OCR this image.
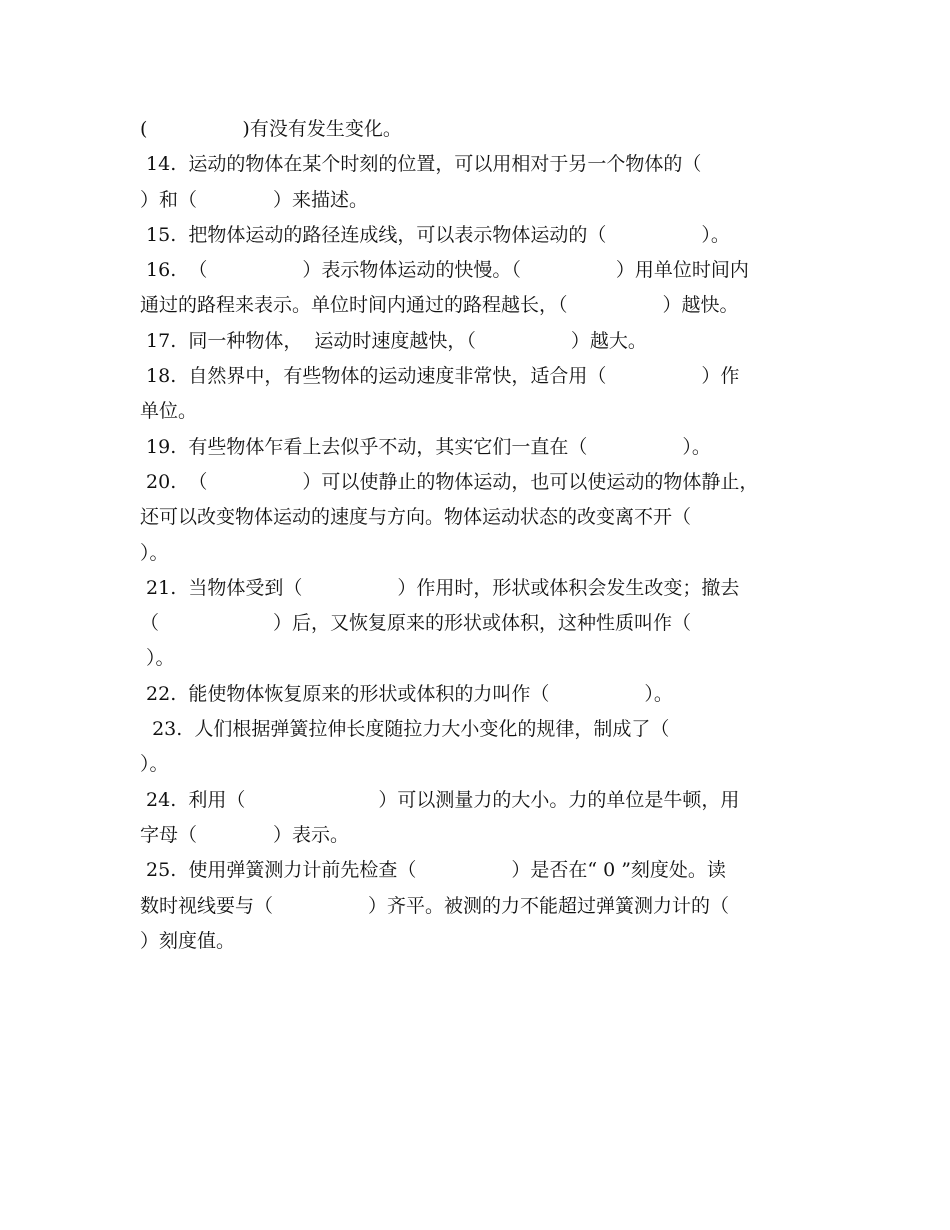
(　　　　　)有没有发生变化。
14.  运动的物体在某个时刻的位置，可以用相对于另一个物体的（
）和（　　　　）来描述。
15.  把物体运动的路径连成线，可以表示物体运动的（　　　　　）。
16.  （　　　　　）表示物体运动的快慢。（　　　　　）用单位时间内
通过的路程来表示。单位时间内通过的路程越长，（　　　　　）越快。
17.  同一种物体，  运动时速度越快，（　　　　　）越大。
18.  自然界中，有些物体的运动速度非常快，适合用（　　　　　）作
单位。
19.  有些物体乍看上去似乎不动，其实它们一直在（　　　　　）。
20.  （　　　　　）可以使静止的物体运动，也可以使运动的物体静止，
还可以改变物体运动的速度与方向。物体运动状态的改变离不开（
）。
21.  当物体受到（　　　　　）作用时，形状或体积会发生改变；撤去
（　　　　　　）后，又恢复原来的形状或体积，这种性质叫作（
）。
22.  能使物体恢复原来的形状或体积的力叫作（　　　　　）。
23.  人们根据弹簧拉伸长度随拉力大小变化的规律，制成了（
）。
24.  利用（　　　　　　　）可以测量力的大小。力的单位是牛顿，用
字母（　　　　）表示。
25.  使用弹簧测力计前先检查（　　　　　）是否在“ 0 ”刻度处。读
数时视线要与（　　　　　）齐平。被测的力不能超过弹簧测力计的（
）刻度值。
